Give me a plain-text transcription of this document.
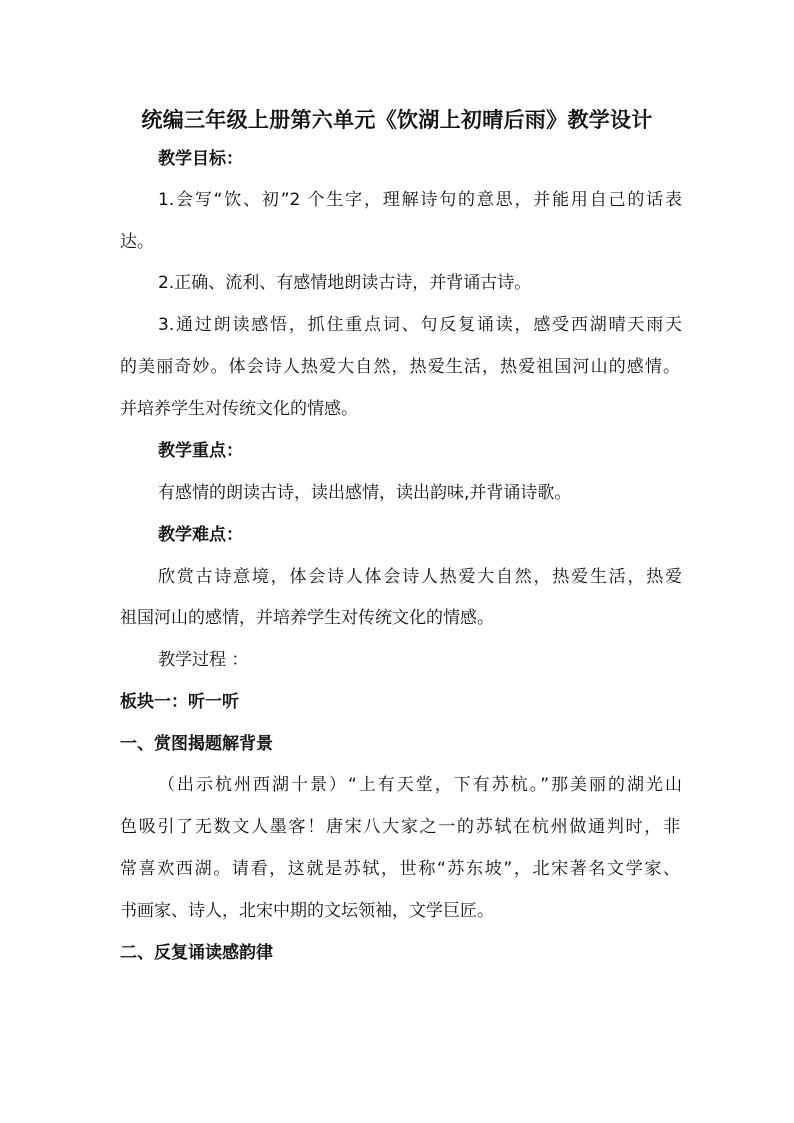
统编三年级上册第六单元《饮湖上初晴后雨》教学设计
教学目标：
1.会写“饮、初”2 个生字，理解诗句的意思，并能用自己的话表
达。
2.正确、流利、有感情地朗读古诗，并背诵古诗。
3.通过朗读感悟，抓住重点词、句反复诵读，感受西湖晴天雨天
的美丽奇妙。体会诗人热爱大自然，热爱生活，热爱祖国河山的感情。
并培养学生对传统文化的情感。
教学重点：
有感情的朗读古诗，读出感情，读出韵味,并背诵诗歌。
教学难点：
欣赏古诗意境，体会诗人体会诗人热爱大自然，热爱生活，热爱
祖国河山的感情，并培养学生对传统文化的情感。
教学过程 ：
板块一：听一听
一、赏图揭题解背景
（出示杭州西湖十景）“上有天堂，下有苏杭。”那美丽的湖光山
色吸引了无数文人墨客！唐宋八大家之一的苏轼在杭州做通判时，非
常喜欢西湖。请看，这就是苏轼，世称“苏东坡”，北宋著名文学家、
书画家、诗人，北宋中期的文坛领袖，文学巨匠。
二、反复诵读感韵律
